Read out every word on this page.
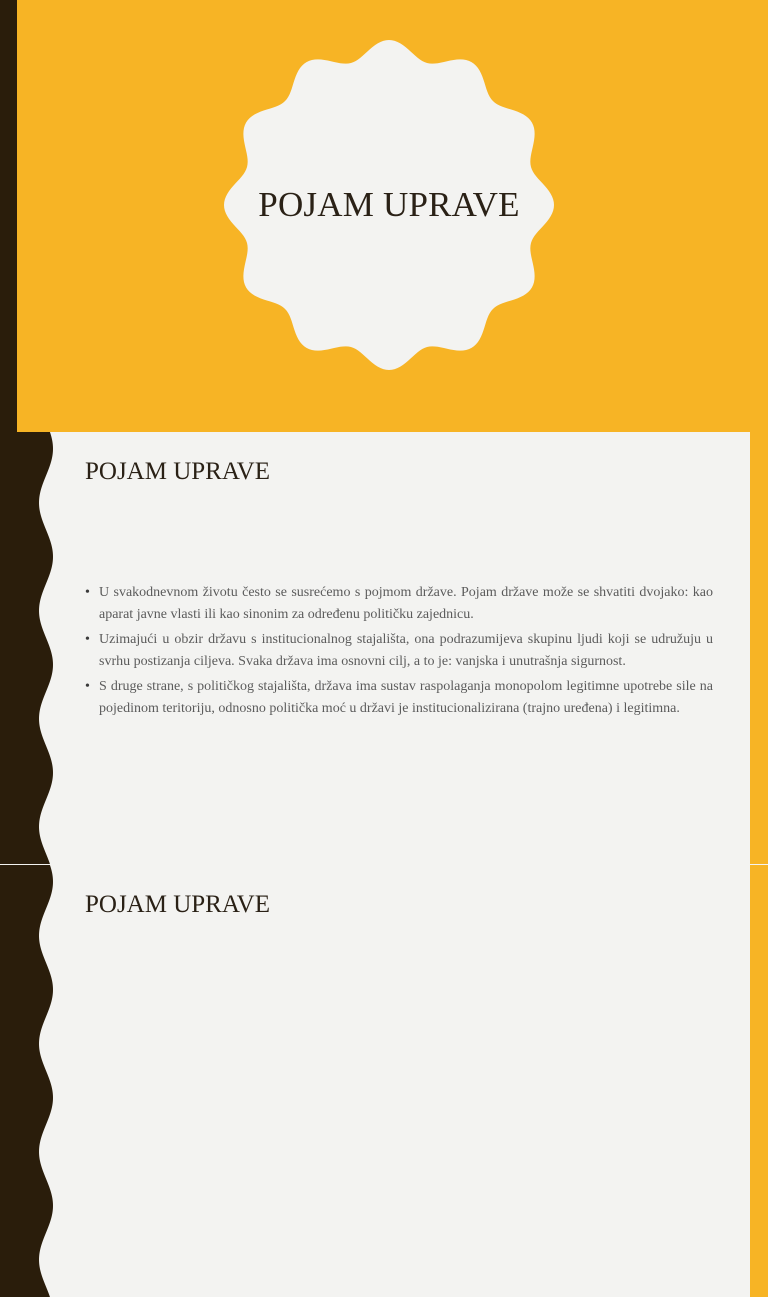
POJAM UPRAVE
POJAM UPRAVE
• U svakodnevnom životu često se susrećemo s pojmom države. Pojam države može se shvatiti dvojako: kao aparat javne vlasti ili kao sinonim za određenu političku zajednicu.
• Uzimajući u obzir državu s institucionalnog stajališta, ona podrazumijeva skupinu ljudi koji se udružuju u svrhu postizanja ciljeva. Svaka država ima osnovni cilj, a to je: vanjska i unutrašnja sigurnost.
• S druge strane, s političkog stajališta, država ima sustav raspolaganja monopolom legitimne upotrebe sile na pojedinom teritoriju, odnosno politička moć u državi je institucionalizirana (trajno uređena) i legitimna.
POJAM UPRAVE
